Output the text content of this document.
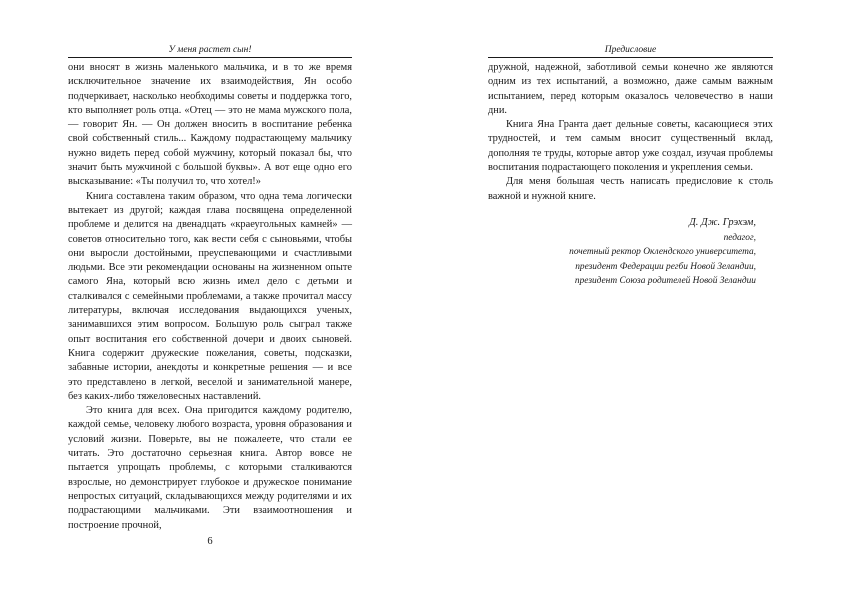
У меня растет сын!

они вносят в жизнь маленького мальчика, и в то же время исключительное значение их взаимодействия, Ян особо подчеркивает, насколько необходимы советы и поддержка того, кто выполняет роль отца. «Отец — это не мама мужского пола, — говорит Ян. — Он должен вносить в воспитание ребенка свой собственный стиль... Каждому подрастающему мальчику нужно видеть перед собой мужчину, который показал бы, что значит быть мужчиной с большой буквы». А вот еще одно его высказывание: «Ты получил то, что хотел!»

Книга составлена таким образом, что одна тема логически вытекает из другой; каждая глава посвящена определенной проблеме и делится на двенадцать «краеугольных камней» — советов относительно того, как вести себя с сыновьями, чтобы они выросли достойными, преуспевающими и счастливыми людьми. Все эти рекомендации основаны на жизненном опыте самого Яна, который всю жизнь имел дело с детьми и сталкивался с семейными проблемами, а также прочитал массу литературы, включая исследования выдающихся ученых, занимавшихся этим вопросом. Большую роль сыграл также опыт воспитания его собственной дочери и двоих сыновей. Книга содержит дружеские пожелания, советы, подсказки, забавные истории, анекдоты и конкретные решения — и все это представлено в легкой, веселой и занимательной манере, без каких-либо тяжеловесных наставлений.

Это книга для всех. Она пригодится каждому родителю, каждой семье, человеку любого возраста, уровня образования и условий жизни. Поверьте, вы не пожалеете, что стали ее читать. Это достаточно серьезная книга. Автор вовсе не пытается упрощать проблемы, с которыми сталкиваются взрослые, но демонстрирует глубокое и дружеское понимание непростых ситуаций, складывающихся между родителями и их подрастающими мальчиками. Эти взаимоотношения и построение прочной,

6
Предисловие

дружной, надежной, заботливой семьи конечно же являются одним из тех испытаний, а возможно, даже самым важным испытанием, перед которым оказалось человечество в наши дни.

Книга Яна Гранта дает дельные советы, касающиеся этих трудностей, и тем самым вносит существенный вклад, дополняя те труды, которые автор уже создал, изучая проблемы воспитания подрастающего поколения и укрепления семьи.

Для меня большая честь написать предисловие к столь важной и нужной книге.

Д. Дж. Грэхэм,
педагог,
почетный ректор Оклендского университета,
президент Федерации регби Новой Зеландии,
президент Союза родителей Новой Зеландии
